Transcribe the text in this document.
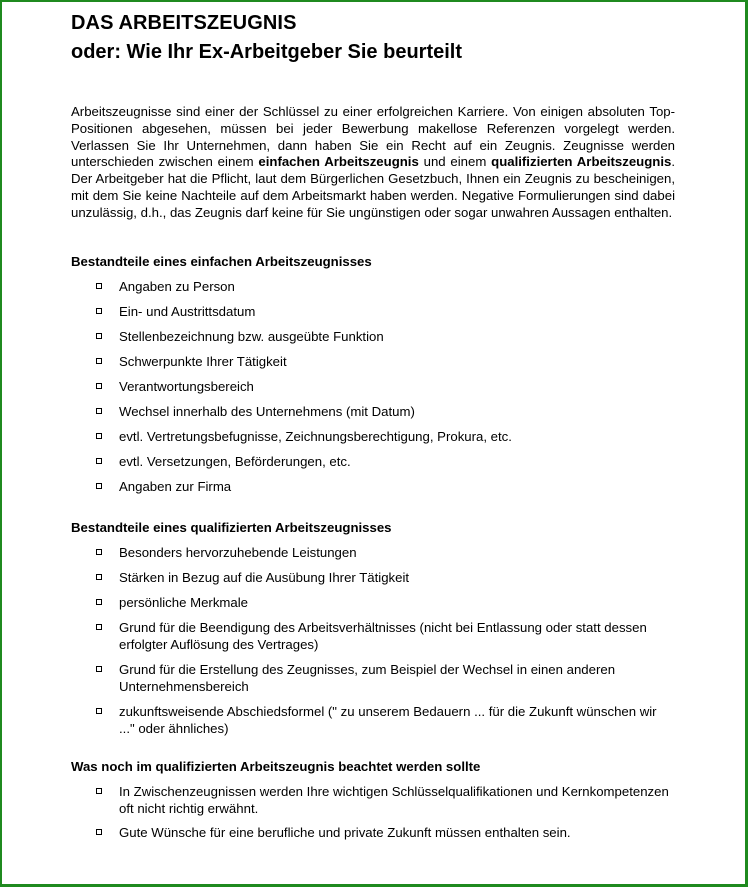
DAS ARBEITSZEUGNIS
oder: Wie Ihr Ex-Arbeitgeber Sie beurteilt

Arbeitszeugnisse sind einer der Schlüssel zu einer erfolgreichen Karriere. Von einigen absoluten Top-Positionen abgesehen, müssen bei jeder Bewerbung makellose Referenzen vorgelegt werden. Verlassen Sie Ihr Unternehmen, dann haben Sie ein Recht auf ein Zeugnis. Zeugnisse werden unterschieden zwischen einem einfachen Arbeitszeugnis und einem qualifizierten Arbeitszeugnis. Der Arbeitgeber hat die Pflicht, laut dem Bürgerlichen Gesetzbuch, Ihnen ein Zeugnis zu bescheinigen, mit dem Sie keine Nachteile auf dem Arbeitsmarkt haben werden. Negative Formulierungen sind dabei unzulässig, d.h., das Zeugnis darf keine für Sie ungünstigen oder sogar unwahren Aussagen enthalten.

Bestandteile eines einfachen Arbeitszeugnisses
Angaben zu Person
Ein- und Austrittsdatum
Stellenbezeichnung bzw. ausgeübte Funktion
Schwerpunkte Ihrer Tätigkeit
Verantwortungsbereich
Wechsel innerhalb des Unternehmens (mit Datum)
evtl. Vertretungsbefugnisse, Zeichnungsberechtigung, Prokura, etc.
evtl. Versetzungen, Beförderungen, etc.
Angaben zur Firma
Bestandteile eines qualifizierten Arbeitszeugnisses
Besonders hervorzuhebende Leistungen
Stärken in Bezug auf die Ausübung Ihrer Tätigkeit
persönliche Merkmale
Grund für die Beendigung des Arbeitsverhältnisses (nicht bei Entlassung oder statt dessen erfolgter Auflösung des Vertrages)
Grund für die Erstellung des Zeugnisses, zum Beispiel der Wechsel in einen anderen Unternehmensbereich
zukunftsweisende Abschiedsformel (" zu unserem Bedauern ... für die Zukunft wünschen wir ..." oder ähnliches)
Was noch im qualifizierten Arbeitszeugnis beachtet werden sollte
In Zwischenzeugnissen werden Ihre wichtigen Schlüsselqualifikationen und Kernkompetenzen oft nicht richtig erwähnt.
Gute Wünsche für eine berufliche und private Zukunft müssen enthalten sein.
